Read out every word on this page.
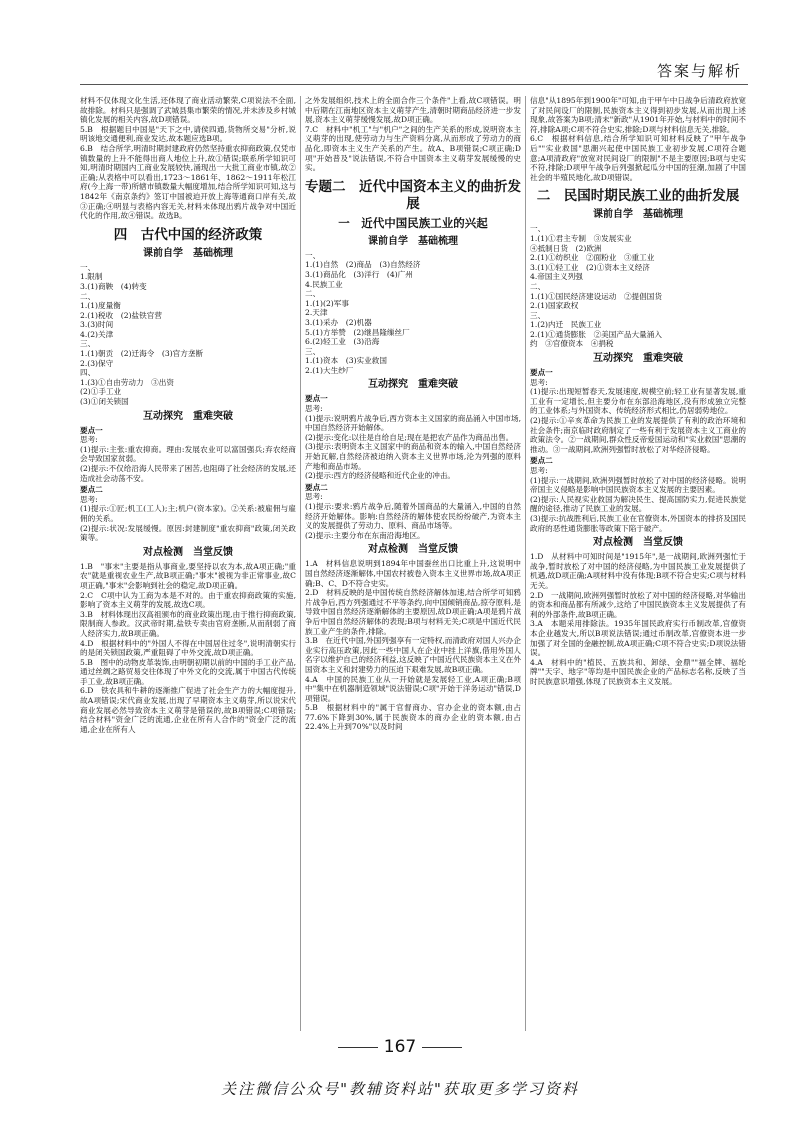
答案与解析

材料不仅体现文化生活,还体现了商业活动繁荣,C项说法不全面,故排除。材料只是强调了武城县集市繁荣的情况,并未涉及乡村城镇化发展的相关内容,故D项错误。

5.B　根据题目中国是"天下之中,请侯四通,货物所交易"分析,说明该地交通便利,商业发达,故本题应选B项。

6.B　结合所学,明清时期封建政府仍然坚持重农抑商政策,仅凭市镇数量的上升不能得出商人地位上升,故①错误;联系所学知识可知,明清时期国内工商业发展较快,涌现出一大批工商业市镇,故②正确;从表格中可以看出,1723～1861年、1862～1911年松江府(今上海一带)所辖市镇数量大幅度增加,结合所学知识可知,这与1842年《南京条约》签订中国被迫开放上海等通商口岸有关,故③正确;④明显与表格内容无关,材料未体现出鸦片战争对中国近代化的作用,故④错误。故选B。

四　古代中国的经济政策
课前自学　基础梳理

一、

1.限制

3.(1)商鞅　(4)转变

二、

1.(1)度量衡

2.(1)税收　(2)盐铁官营

3.(3)时间

4.(2)关津

三、

1.(1)朝贡　(2)迁海令　(3)官方垄断

2.(3)保守

四、

1.(3)①自由劳动力　③出资

(2)①手工业

(3)①闭关锁国

互动探究　重难突破

要点一

思考:

(1)提示:主张:重农抑商。理由:发展农业可以富国强兵;弃农经商会导致国家贫弱。

(2)提示:不仅给沿海人民带来了困苦,也阻碍了社会经济的发展,还造成社会动荡不安。

要点二

思考:

(1)提示:①匠;机工(工人);主;机户(资本家)。②关系:被雇佣与雇佣的关系。

(2)提示:状况:发展缓慢。原因:封建制度"重农抑商"政策,闭关政策等。

对点检测　当堂反馈

1.B　"事末"主要是指从事商业,要坚持以农为本,故A项正确;"重农"就是重视农业生产,故B项正确;"事末"被视为非正常事业,故C项正确,"事末"会影响到社会的稳定,故D项正确。

2.C　C项中认为工商为本是不对的。由于重农抑商政策的实施,影响了资本主义萌芽的发展,故选C项。

3.B　材料体现出汉高祖颁布的商业政策出现,由于推行抑商政策,限制商人参政。汉武帝时期,盐铁专卖由官府垄断,从而削弱了商人经济实力,故B项正确。

4.D　根据材料中的"外国人不得在中国居住过冬",说明清朝实行的是闭关锁国政策,严重阻碍了中外交流,故D项正确。

5.B　图中的动物皮革装饰,由明朝初期以前的中国的手工业产品,通过丝绸之路贸易交往体现了中外文化的交流,属于中国古代传统手工业,故B项正确。

6.D　铁农具和牛耕的逐渐推广促进了社会生产力的大幅度提升,故A项错误;宋代商业发展,出现了早期资本主义萌芽,所以说宋代商业发展必然导致资本主义萌芽是错误的,故B项错误;C项错误;结合材料"资金广泛的流通,企业在所有人合作的"资金广泛的流通,企业在所有人

之外发展组织,技术上的全面合作三个条件"上看,故C项错误。明中后期在江南地区资本主义萌芽产生,清朝时期商品经济进一步发展,资本主义萌芽缓慢发展,故D项正确。

7.C　材料中"机工"与"机户"之间的生产关系的形成,说明资本主义萌芽的出现,使劳动力与生产资料分离,从而形成了劳动力的商品化,即资本主义生产关系的产生。故A、B项错误;C项正确;D项"开始普及"说法错误,不符合中国资本主义萌芽发展缓慢的史实。

专题二　近代中国资本主义的曲折发展
一　近代中国民族工业的兴起
课前自学　基础梳理

一、

1.(1)自然　(2)商品　(3)自然经济

3.(1)商品化　(3)洋行　(4)广州

4.民族工业

二、

1.(1)(2)军事

2.天津

3.(1)采办　(2)机器

5.(1)方举赞　(2)继昌隆缫丝厂

6.(2)轻工业　(3)沿海

三、

1.(1)资本　(3)实业救国

2.(1)大生纱厂

互动探究　重难突破

要点一

思考:

(1)提示:说明鸦片战争后,西方资本主义国家的商品涌入中国市场,中国自然经济开始解体。

(2)提示:变化:以往是自给自足;现在是把农产品作为商品出售。

(3)提示:表明资本主义国家中的商品和资本的输入,中国自然经济开始瓦解,自然经济被迫纳入资本主义世界市场,沦为列强的原料产地和商品市场。

(2)提示:西方的经济侵略和近代企业的冲击。

要点二

思考:

(1)提示:要求:鸦片战争后,随着外国商品的大量涌入,中国的自然经济开始解体。影响:自然经济的解体使农民纷纷破产,为资本主义的发展提供了劳动力、原料、商品市场等。

(2)提示:主要分布在东南沿海地区。

对点检测　当堂反馈

1.A　材料信息说明到1894年中国蚕丝出口比重上升,这说明中国自然经济逐渐解体,中国农村被卷入资本主义世界市场,故A项正确;B、C、D不符合史实。

2.D　材料反映的是中国传统自然经济解体加速,结合所学可知鸦片战争后,西方列强通过不平等条约,向中国倾销商品,掠夺原料,是导致中国自然经济逐渐解体的主要原因,故D项正确;A项是鸦片战争后中国自然经济解体的表现;B项与材料无关;C项是中国近代民族工业产生的条件,排除。

3.B　在近代中国,外国列强享有一定特权,而清政府对国人兴办企业实行高压政策,因此一些中国人在企业中挂上洋旗,借用外国人名字以维护自己的经济利益,这反映了中国近代民族资本主义在外国资本主义和封建势力的压迫下艰难发展,故B项正确。

4.A　中国的民族工业从一开始就是发展轻工业,A项正确;B项中"集中在机器制造领域"说法错误;C项"开始于洋务运动"错误,D项错误。

5.B　根据材料中的"属于官督商办、官办企业的资本额,由占77.6%下降到30%,属于民族资本的商办企业的资本额,由占22.4%上升到70%"以及时间

信息"从1895年到1900年"可知,由于甲午中日战争后清政府放宽了对民间设厂的限制,民族资本主义得到初步发展,从而出现上述现象,故答案为B项;清末"新政"从1901年开始,与材料中的时间不符,排除A项;C项不符合史实,排除;D项与材料信息无关,排除。

6.C　根据材料信息,结合所学知识可知材料反映了"甲午战争后""实业救国"思潮兴起使中国民族工业初步发展,C项符合题意;A项清政府"放宽对民间设厂的限制"不是主要原因;B项与史实不符,排除;D项甲午战争后列强掀起瓜分中国的狂潮,加剧了中国社会的半殖民地化,故D项错误。

二　民国时期民族工业的曲折发展
课前自学　基础梳理

一、

1.(1)①君主专制　③发展实业

④抵制日货　(2)欧洲

2.(1)①纺织业　②面粉业　③重工业

3.(1)①轻工业　(2)①资本主义经济

4.帝国主义列强

二、

1.(1)①国民经济建设运动　②提倡国货

2.(1)国家政权

三、

1.(2)内迁　民族工业

2.(1)①通货膨胀　②美国产品大量涌入

约　③官僚资本　④捐税

互动探究　重难突破

要点一

思考:

(1)提示:出现短暂春天,发展速度,规模空前;轻工业有显著发展,重工业有一定增长,但主要分布在东部沿海地区,没有形成独立完整的工业体系;与外国资本、传统经济形式相比,仍居弱势地位。

(2)提示:①辛亥革命为民族工业的发展提供了有利的政治环境和社会条件;南京临时政府制定了一些有利于发展资本主义工商业的政策法令。②一战期间,群众性反帝爱国运动和"实业救国"思潮的推动。③一战期间,欧洲列强暂时放松了对华经济侵略。

要点二

思考:

(1)提示:一战期间,欧洲列强暂时放松了对中国的经济侵略。说明帝国主义侵略是影响中国民族资本主义发展的主要因素。

(2)提示:人民视实业救国为解决民生、提高国防实力,促进民族觉醒的途径,推动了民族工业的发展。

(3)提示:抗战胜利后,民族工业在官僚资本,外国资本的排挤及国民政府的恶性通货膨胀等政策下陷于破产。

对点检测　当堂反馈

1.D　从材料中可知时间是"1915年",是一战期间,欧洲列强忙于战争,暂时放松了对中国的经济侵略,为中国民族工业发展提供了机遇,故D项正确;A项材料中没有体现;B项不符合史实;C项与材料无关。

2.D　一战期间,欧洲列强暂时放松了对中国的经济侵略,对华输出的资本和商品都有所减少,这给了中国民族资本主义发展提供了有利的外部条件,故B项正确。

3.A　本题采用排除法。1935年国民政府实行币制改革,官僚资本企业越发大,所以B项说法错误;通过币制改革,官僚资本进一步加强了对全国的金融控制,故A项正确;C项不符合史实;D项说法错误。

4.A　材料中的"植民、五族共和、卸绿、金鼎""福全牌、福纶牌""天字、地字"等均是中国民族企业的产品标志名称,反映了当时民族意识增强,体现了民族资本主义发展。

167
关注微信公众号"教辅资料站"获取更多学习资料
